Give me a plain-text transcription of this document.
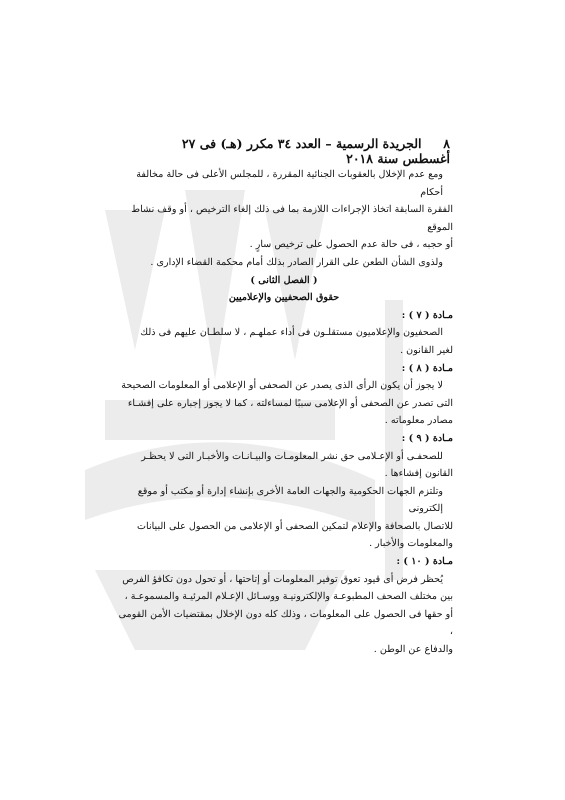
٨     الجريدة الرسمية – العدد ٣٤ مكرر (هـ) فى ٢٧ أغسطس سنة ٢٠١٨

ومع عدم الإخلال بالعقوبات الجنائية المقررة ، للمجلس الأعلى فى حالة مخالفة أحكام

الفقرة السابقة اتخاذ الإجراءات اللازمة بما فى ذلك إلغاء الترخيص ، أو وقف نشاط الموقع

أو حجبه ، فى حالة عدم الحصول على ترخيص سارٍ .

ولذوى الشأن الطعن على القرار الصادر بذلك أمام محكمة القضاء الإدارى .

( الفصل الثانى )

حقوق الصحفيين والإعلاميين

مـادة ( ٧ ) :

الصحفيون والإعلاميون مستقلـون فى أداء عملهـم ، لا سلطـان عليهم فى ذلك

لغير القانون .

مـادة ( ٨ ) :

لا يجوز أن يكون الرأى الذى يصدر عن الصحفى أو الإعلامى أو المعلومات الصحيحة

التى تصدر عن الصحفى أو الإعلامى سببًا لمساءلته ، كما لا يجوز إجباره على إفشـاء

مصادر معلوماته .

مـادة ( ٩ ) :

للصحفـى أو الإعـلامى حق نشر المعلومـات والبيـانـات والأخبـار التى لا يحظـر

القانون إفشاءها .

وتلتزم الجهات الحكومية والجهات العامة الأخرى بإنشاء إدارة أو مكتب أو موقع إلكترونى

للاتصال بالصحافة والإعلام لتمكين الصحفى أو الإعلامى من الحصول على البيانات

والمعلومات والأخبار .

مـادة ( ١٠ ) :

يُحظر فرض أى قيود تعوق توفير المعلومات أو إتاحتها ، أو تحول دون تكافؤ الفرص

بين مختلف الصحف المطبوعـة والإلكترونيـة ووسـائل الإعـلام المرئيـة والمسموعـة ،

أو حقها فى الحصول على المعلومات ، وذلك كله دون الإخلال بمقتضيات الأمن القومى ،

والدفاع عن الوطن .
